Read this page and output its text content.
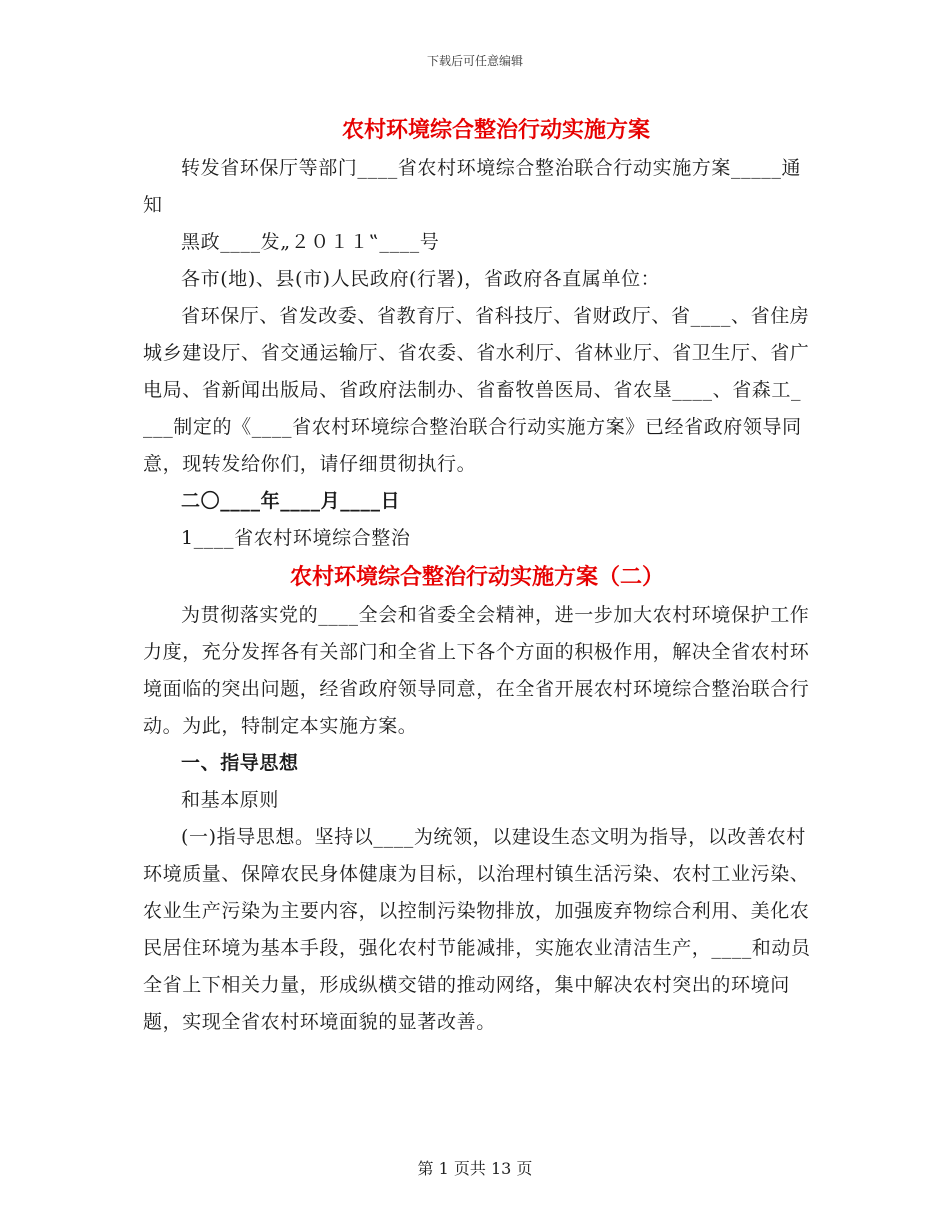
下载后可任意编辑
农村环境综合整治行动实施方案

转发省环保厅等部门____省农村环境综合整治联合行动实施方案_____通知

黑政____发„２０１１‟____号

各市(地)、县(市)人民政府(行署)，省政府各直属单位：

省环保厅、省发改委、省教育厅、省科技厅、省财政厅、省____、省住房城乡建设厅、省交通运输厅、省农委、省水利厅、省林业厅、省卫生厅、省广电局、省新闻出版局、省政府法制办、省畜牧兽医局、省农垦____、省森工____制定的《____省农村环境综合整治联合行动实施方案》已经省政府领导同意，现转发给你们，请仔细贯彻执行。

二〇____年____月____日

1____省农村环境综合整治

农村环境综合整治行动实施方案（二）

为贯彻落实党的____全会和省委全会精神，进一步加大农村环境保护工作力度，充分发挥各有关部门和全省上下各个方面的积极作用，解决全省农村环境面临的突出问题，经省政府领导同意，在全省开展农村环境综合整治联合行动。为此，特制定本实施方案。

一、指导思想

和基本原则

(一)指导思想。坚持以____为统领，以建设生态文明为指导，以改善农村环境质量、保障农民身体健康为目标，以治理村镇生活污染、农村工业污染、农业生产污染为主要内容，以控制污染物排放，加强废弃物综合利用、美化农民居住环境为基本手段，强化农村节能减排，实施农业清洁生产，____和动员全省上下相关力量，形成纵横交错的推动网络，集中解决农村突出的环境问题，实现全省农村环境面貌的显著改善。

第 1 页共 13 页
